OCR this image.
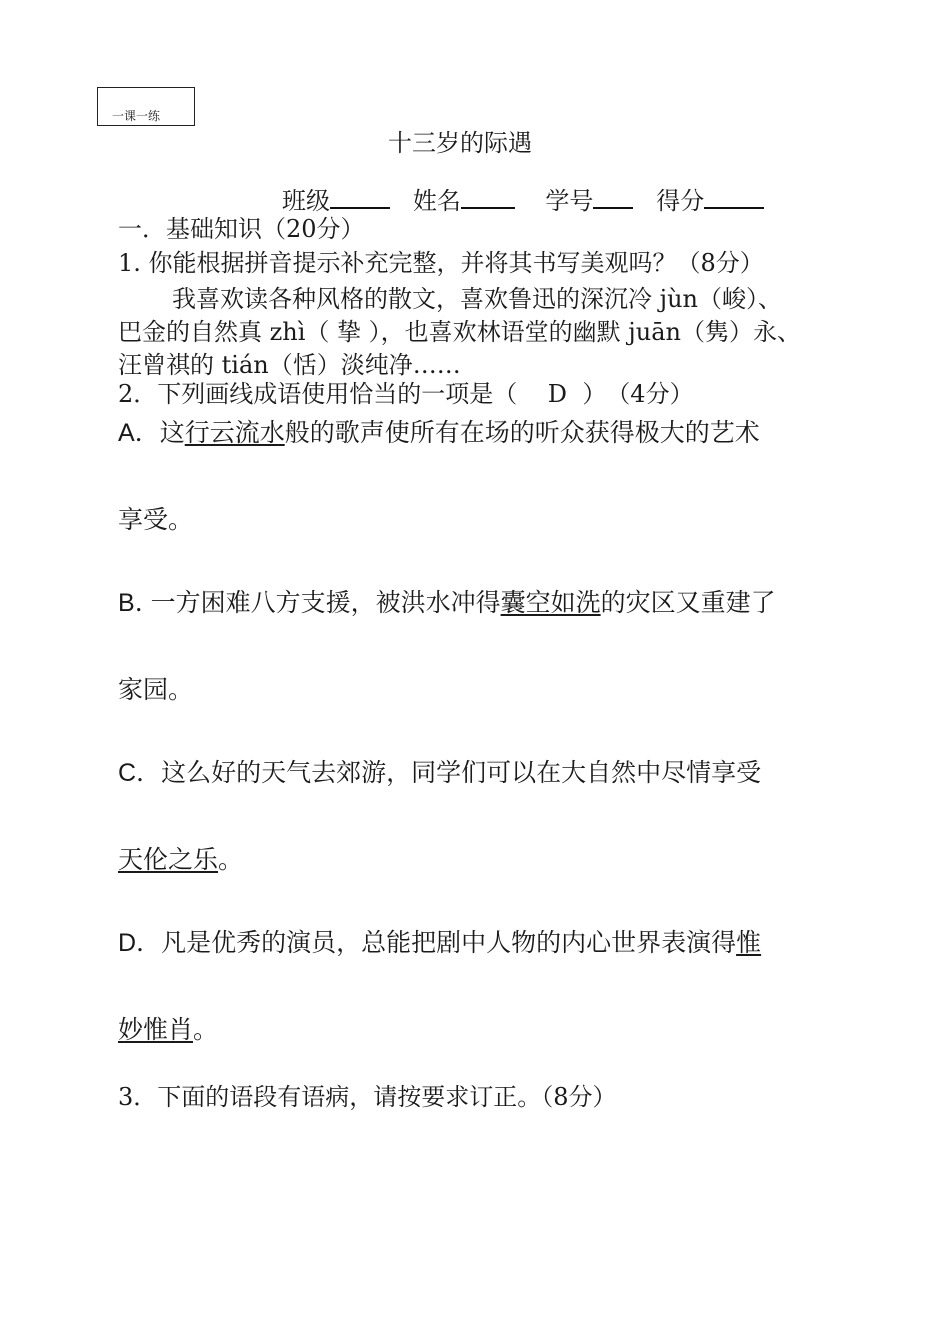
一课一练
十三岁的际遇
班级	姓名	学号	得分
一．基础知识（20分）
1. 你能根据拼音提示补充完整，并将其书写美观吗？（8分）
我喜欢读各种风格的散文，喜欢鲁迅的深沉冷 jùn（峻）、
巴金的自然真 zhì（ 挚 ），也喜欢林语堂的幽默 juān（隽）永、
汪曾祺的 tián（恬）淡纯净……
2．下列画线成语使用恰当的一项是（ D ）　（4分）
A．这行云流水般的歌声使所有在场的听众获得极大的艺术
享受。
B. 一方困难八方支援，被洪水冲得囊空如洗的灾区又重建了
家园。
C．这么好的天气去郊游，同学们可以在大自然中尽情享受
天伦之乐。
D．凡是优秀的演员，总能把剧中人物的内心世界表演得惟
妙惟肖。
3．下面的语段有语病，请按要求订正。（8分）
